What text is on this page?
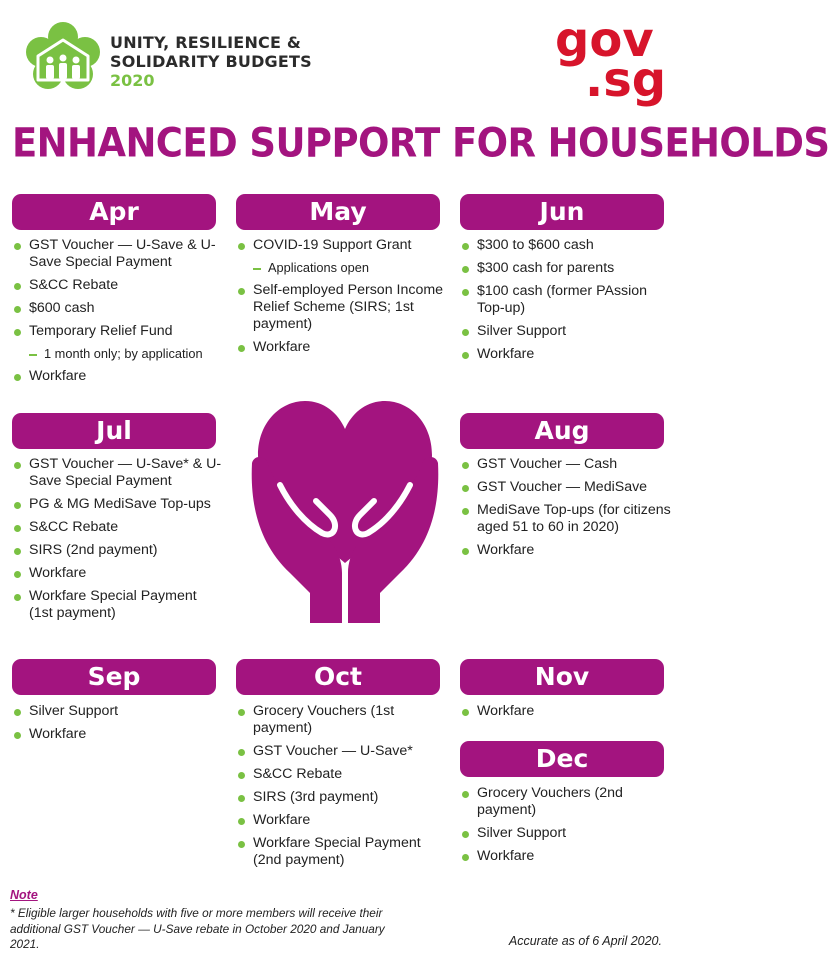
UNITY, RESILIENCE &
SOLIDARITY BUDGETS
2020
gov
.sg
ENHANCED SUPPORT FOR HOUSEHOLDS
Apr
GST Voucher — U-Save & U-Save Special Payment
S&CC Rebate
$600 cash
Temporary Relief Fund
1 month only; by application
Workfare
May
COVID-19 Support Grant
Applications open
Self-employed Person Income Relief Scheme (SIRS; 1st payment)
Workfare
Jun
$300 to $600 cash
$300 cash for parents
$100 cash (former PAssion Top-up)
Silver Support
Workfare
Jul
GST Voucher — U-Save* & U-Save Special Payment
PG & MG MediSave Top-ups
S&CC Rebate
SIRS (2nd payment)
Workfare
Workfare Special Payment (1st payment)
Aug
GST Voucher — Cash
GST Voucher — MediSave
MediSave Top-ups (for citizens aged 51 to 60 in 2020)
Workfare
Sep
Silver Support
Workfare
Oct
Grocery Vouchers (1st payment)
GST Voucher — U-Save*
S&CC Rebate
SIRS (3rd payment)
Workfare
Workfare Special Payment (2nd payment)
Nov
Workfare
Dec
Grocery Vouchers (2nd payment)
Silver Support
Workfare
Note
* Eligible larger households with five or more members will receive their additional GST Voucher — U-Save rebate in October 2020 and January 2021.	Accurate as of 6 April 2020.
